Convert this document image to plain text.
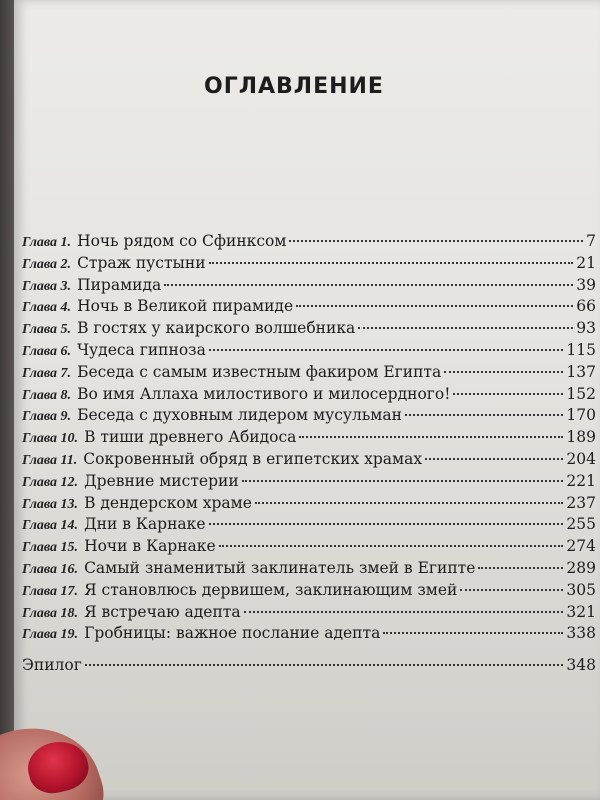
ОГЛАВЛЕНИЕ
Глава 1. Ночь рядом со Сфинксом	7
Глава 2. Страж пустыни	21
Глава 3. Пирамида	39
Глава 4. Ночь в Великой пирамиде	66
Глава 5. В гостях у каирского волшебника	93
Глава 6. Чудеса гипноза	115
Глава 7. Беседа с самым известным факиром Египта	137
Глава 8. Во имя Аллаха милостивого и милосердного!	152
Глава 9. Беседа с духовным лидером мусульман	170
Глава 10. В тиши древнего Абидоса	189
Глава 11. Сокровенный обряд в египетских храмах	204
Глава 12. Древние мистерии	221
Глава 13. В дендерском храме	237
Глава 14. Дни в Карнаке	255
Глава 15. Ночи в Карнаке	274
Глава 16. Самый знаменитый заклинатель змей в Египте	289
Глава 17. Я становлюсь дервишем, заклинающим змей	305
Глава 18. Я встречаю адепта	321
Глава 19. Гробницы: важное послание адепта	338
Эпилог	348
